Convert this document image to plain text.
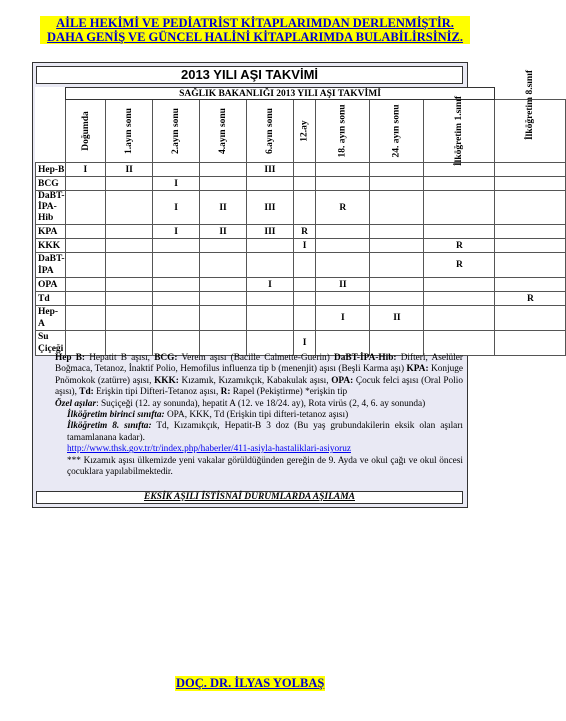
AİLE HEKİMİ VE PEDİATRİST KİTAPLARIMDAN DERLENMİŞTİR.
DAHA GENİŞ VE GÜNCEL HALİNİ KİTAPLARIMDA BULABİLİRSİNİZ.
2013 YILI AŞI TAKVİMİ
	SAĞLIK BAKANLIĞI 2013 YILI AŞI TAKVİMİ									
	Doğumda	1.ayın sonu	2.ayın sonu	4.ayın sonu	6.ayın sonu	12.ay	18. ayın sonu	24. ayın sonu	İlköğretim 1.sınıf	İlköğretim 8.sınıf
Hep-B	I	II			III					
BCG			I							
DaBT-İPA-Hib			I	II	III		R			
KPA			I	II	III	R				
KKK						I			R	
DaBT-İPA									R	
OPA					I		II			
Td										R
Hep-A							I	II		
Su Çiçeği						I				

Hep B: Hepatit B aşısı, BCG: Verem aşısı (Bacille Calmette-Guerin) DaBT-İPA-Hib: Difteri, Aselüler Boğmaca, Tetanoz, İnaktif Polio, Hemofilus influenza tip b (menenjit) aşısı (Beşli Karma aşı) KPA: Konjuge Pnömokok (zatürre) aşısı, KKK: Kızamık, Kızamıkçık, Kabakulak aşısı, OPA: Çocuk felci aşısı (Oral Polio aşısı), Td: Erişkin tipi Difteri-Tetanoz aşısı, R: Rapel (Pekiştirme) *erişkin tip

Özel aşılar: Suçiçeği (12. ay sonunda), hepatit A (12. ve 18/24. ay), Rota virüs (2, 4, 6. ay sonunda)

İlköğretim birinci sınıfta: OPA, KKK, Td (Erişkin tipi difteri-tetanoz aşısı)

İlköğretim 8. sınıfta: Td, Kızamıkçık, Hepatit-B 3 doz (Bu yaş grubundakilerin eksik olan aşıları tamamlanana kadar).

http://www.thsk.gov.tr/tr/index.php/haberler/411-asiyla-hastaliklari-asiyoruz

*** Kızamık aşısı ülkemizde yeni vakalar görüldüğünden gereğin de 9. Ayda ve okul çağı ve okul öncesi çocuklara yapılabilmektedir.

EKSİK AŞILI İSTİSNAİ DURUMLARDA AŞILAMA
DOÇ. DR. İLYAS YOLBAŞ
